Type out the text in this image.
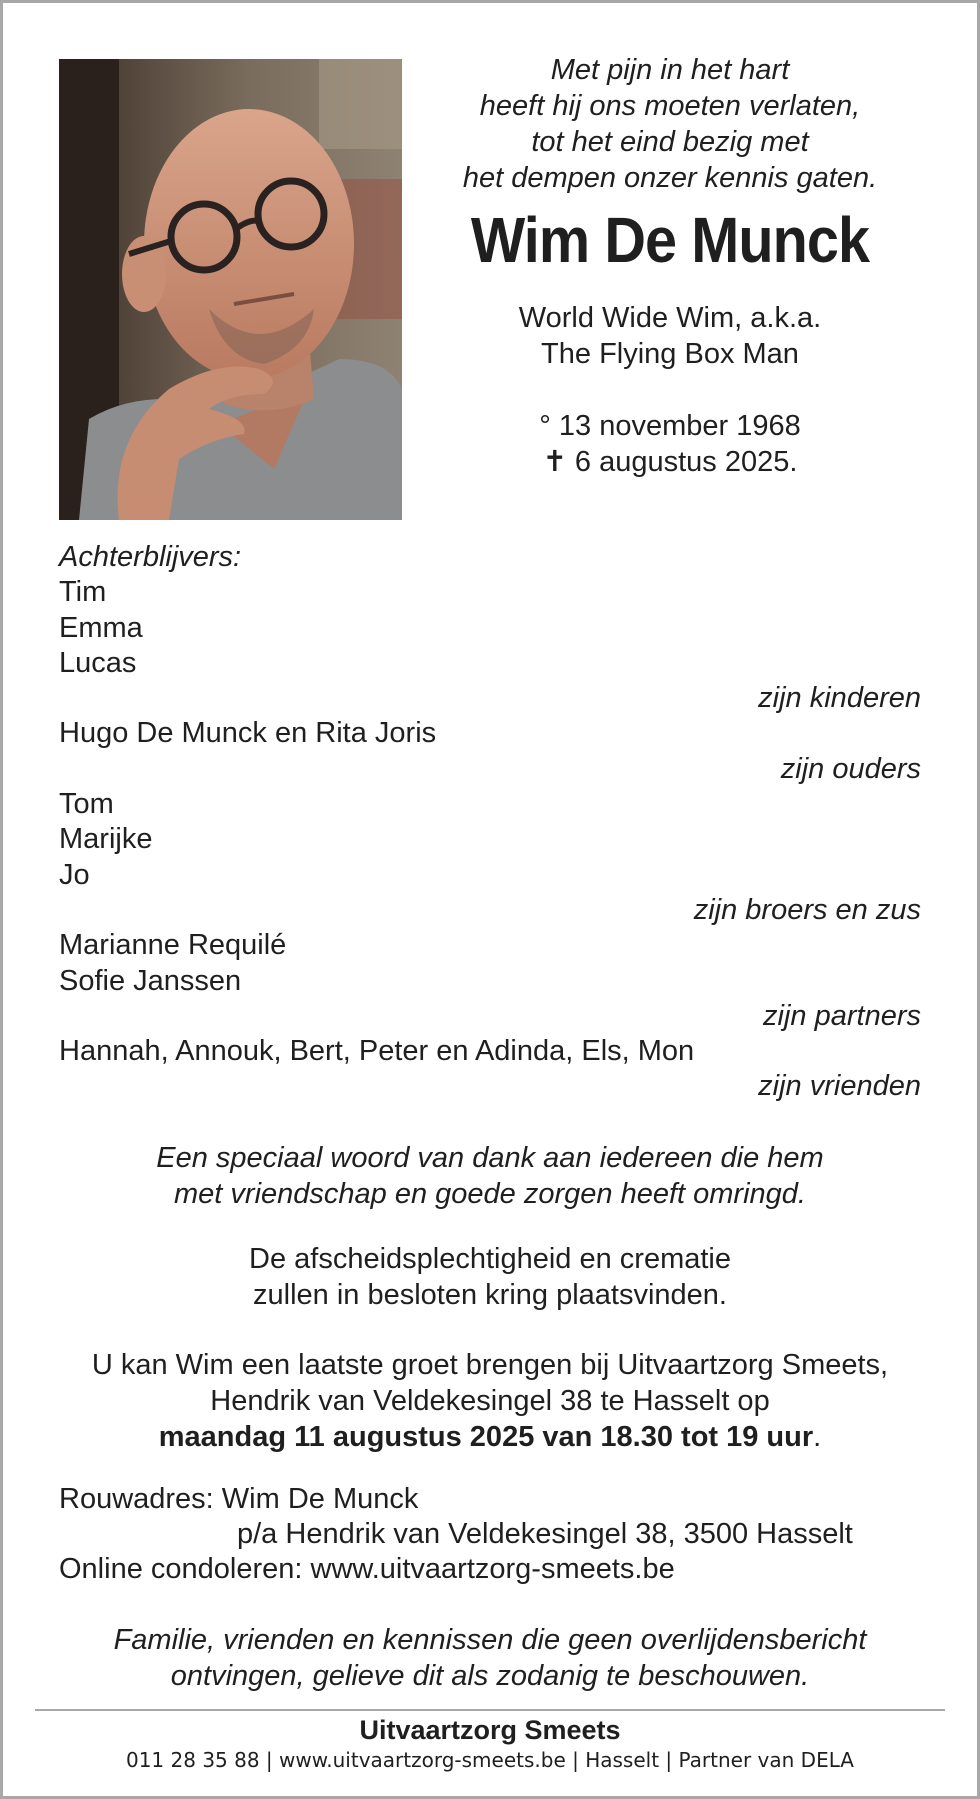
Met pijn in het hart
heeft hij ons moeten verlaten,
tot het eind bezig met
het dempen onzer kennis gaten.
Wim De Munck
World Wide Wim, a.k.a.
The Flying Box Man
° 13 november 1968
✝ 6 augustus 2025.
Achterblijvers:
Tim
Emma
Lucas
zijn kinderen
Hugo De Munck en Rita Joris
zijn ouders
Tom
Marijke
Jo
zijn broers en zus
Marianne Requilé
Sofie Janssen
zijn partners
Hannah, Annouk, Bert, Peter en Adinda, Els, Mon
zijn vrienden
Een speciaal woord van dank aan iedereen die hem
met vriendschap en goede zorgen heeft omringd.
De afscheidsplechtigheid en crematie
zullen in besloten kring plaatsvinden.
U kan Wim een laatste groet brengen bij Uitvaartzorg Smeets,
Hendrik van Veldekesingel 38 te Hasselt op
maandag 11 augustus 2025 van 18.30 tot 19 uur.
Rouwadres: Wim De Munck
p/a Hendrik van Veldekesingel 38, 3500 Hasselt
Online condoleren: www.uitvaartzorg-smeets.be
Familie, vrienden en kennissen die geen overlijdensbericht
ontvingen, gelieve dit als zodanig te beschouwen.
Uitvaartzorg Smeets
011 28 35 88 | www.uitvaartzorg-smeets.be | Hasselt | Partner van DELA
